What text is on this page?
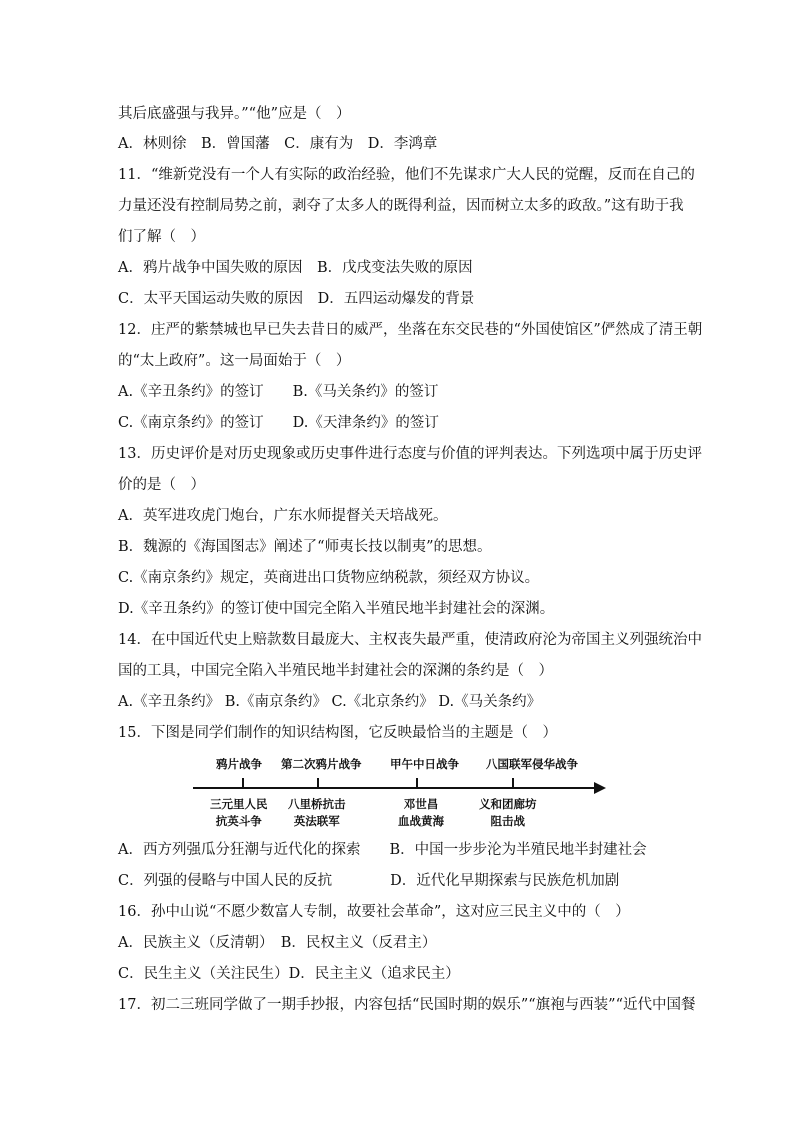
其后底盛强与我异。”“他”应是（　）
A．林则徐　B．曾国藩　C．康有为　D．李鸿章
11．“维新党没有一个人有实际的政治经验，他们不先谋求广大人民的觉醒，反而在自己的
力量还没有控制局势之前，剥夺了太多人的既得利益，因而树立太多的政敌。”这有助于我
们了解（　）
A．鸦片战争中国失败的原因　B．戊戌变法失败的原因
C．太平天国运动失败的原因　D．五四运动爆发的背景
12．庄严的紫禁城也早已失去昔日的威严，坐落在东交民巷的“外国使馆区”俨然成了清王朝
的“太上政府”。这一局面始于（　）
A.《辛丑条约》的签订　　B.《马关条约》的签订
C.《南京条约》的签订　　D.《天津条约》的签订
13．历史评价是对历史现象或历史事件进行态度与价值的评判表达。下列选项中属于历史评
价的是（　）
A．英军进攻虎门炮台，广东水师提督关天培战死。
B．魏源的《海国图志》阐述了“师夷长技以制夷”的思想。
C.《南京条约》规定，英商进出口货物应纳税款，须经双方协议。
D.《辛丑条约》的签订使中国完全陷入半殖民地半封建社会的深渊。
14．在中国近代史上赔款数目最庞大、主权丧失最严重，使清政府沦为帝国主义列强统治中
国的工具，中国完全陷入半殖民地半封建社会的深渊的条约是（　）
A.《辛丑条约》 B.《南京条约》 C.《北京条约》 D.《马关条约》
15．下图是同学们制作的知识结构图，它反映最恰当的主题是（　）
A．西方列强瓜分狂潮与近代化的探索　　B．中国一步步沦为半殖民地半封建社会
C．列强的侵略与中国人民的反抗　　　　D．近代化早期探索与民族危机加剧
16．孙中山说“不愿少数富人专制，故要社会革命”，这对应三民主义中的（　）
A．民族主义（反清朝）　B．民权主义（反君主）
C．民生主义（关注民生）D．民主主义（追求民主）
17．初二三班同学做了一期手抄报，内容包括“民国时期的娱乐”“旗袍与西装”“近代中国餐
鸦片战争 第二次鸦片战争 甲午中日战争 八国联军侵华战争
三元里人民
抗英斗争
八里桥抗击
英法联军
邓世昌
血战黄海
义和团廊坊
阻击战
